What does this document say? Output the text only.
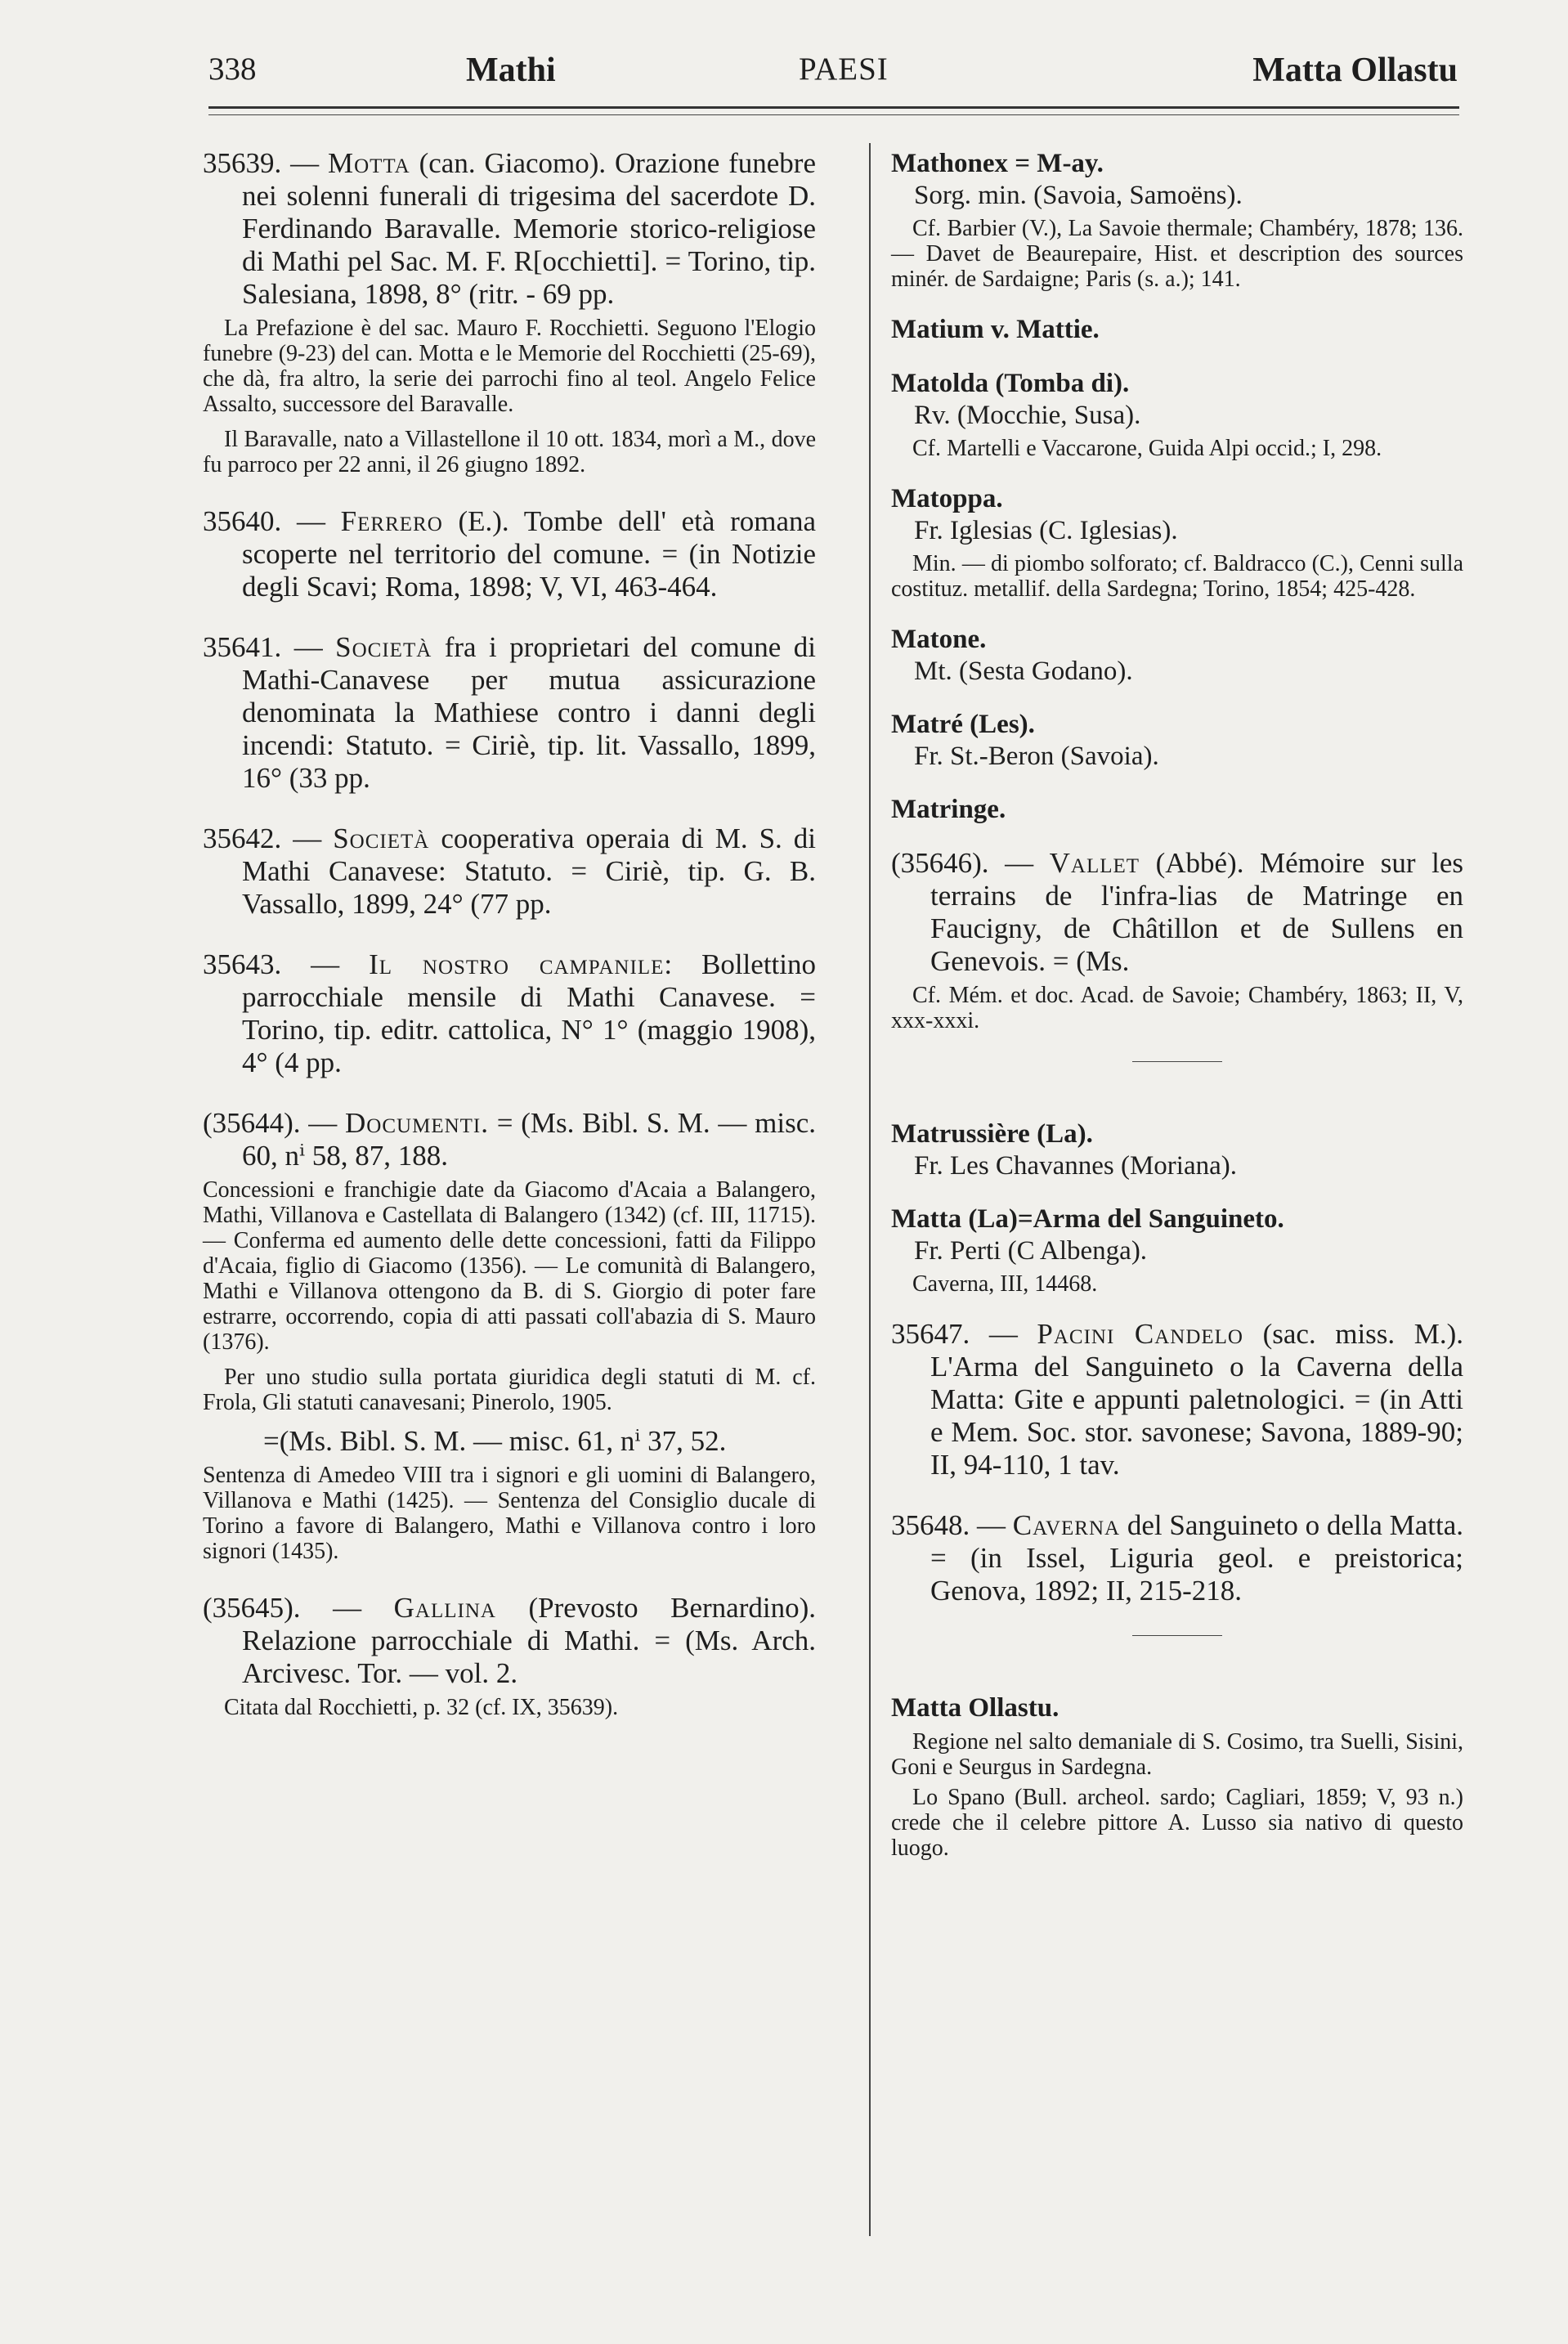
338	Mathi	PAESI	Matta Ollastu
35639. — Motta (can. Giacomo). Orazione funebre nei solenni funerali di trigesima del sacerdote D. Ferdinando Baravalle. Memorie storico-religiose di Mathi pel Sac. M. F. R[occhietti]. = Torino, tip. Salesiana, 1898, 8° (ritr. - 69 pp.
La Prefazione è del sac. Mauro F. Rocchietti. Seguono l'Elogio funebre (9-23) del can. Motta e le Memorie del Rocchietti (25-69), che dà, fra altro, la serie dei parrochi fino al teol. Angelo Felice Assalto, successore del Baravalle.
Il Baravalle, nato a Villastellone il 10 ott. 1834, morì a M., dove fu parroco per 22 anni, il 26 giugno 1892.
35640. — Ferrero (E.). Tombe dell' età romana scoperte nel territorio del comune. = (in Notizie degli Scavi; Roma, 1898; V, VI, 463-464.
35641. — Società fra i proprietari del comune di Mathi-Canavese per mutua assicurazione denominata la Mathiese contro i danni degli incendi: Statuto. = Ciriè, tip. lit. Vassallo, 1899, 16° (33 pp.
35642. — Società cooperativa operaia di M. S. di Mathi Canavese: Statuto. = Ciriè, tip. G. B. Vassallo, 1899, 24° (77 pp.
35643. — Il nostro campanile: Bollettino parrocchiale mensile di Mathi Canavese. = Torino, tip. editr. cattolica, N° 1° (maggio 1908), 4° (4 pp.
(35644). — Documenti. = (Ms. Bibl. S. M. — misc. 60, nⁱ 58, 87, 188.
Concessioni e franchigie date da Giacomo d'Acaia a Balangero, Mathi, Villanova e Castellata di Balangero (1342) (cf. III, 11715). — Conferma ed aumento delle dette concessioni, fatti da Filippo d'Acaia, figlio di Giacomo (1356). — Le comunità di Balangero, Mathi e Villanova ottengono da B. di S. Giorgio di poter fare estrarre, occorrendo, copia di atti passati coll'abazia di S. Mauro (1376).
Per uno studio sulla portata giuridica degli statuti di M. cf. Frola, Gli statuti canavesani; Pinerolo, 1905.
=(Ms. Bibl. S. M. — misc. 61, nⁱ 37, 52.
Sentenza di Amedeo VIII tra i signori e gli uomini di Balangero, Villanova e Mathi (1425). — Sentenza del Consiglio ducale di Torino a favore di Balangero, Mathi e Villanova contro i loro signori (1435).
(35645). — Gallina (Prevosto Bernardino). Relazione parrocchiale di Mathi. = (Ms. Arch. Arcivesc. Tor. — vol. 2.
Citata dal Rocchietti, p. 32 (cf. IX, 35639).
Mathonex = M-ay.
Sorg. min. (Savoia, Samoëns).
Cf. Barbier (V.), La Savoie thermale; Chambéry, 1878; 136. — Davet de Beaurepaire, Hist. et description des sources minér. de Sardaigne; Paris (s. a.); 141.
Matium v. Mattie.
Matolda (Tomba di).
Rv. (Mocchie, Susa).
Cf. Martelli e Vaccarone, Guida Alpi occid.; I, 298.
Matoppa.
Fr. Iglesias (C. Iglesias).
Min. — di piombo solforato; cf. Baldracco (C.), Cenni sulla costituz. metallif. della Sardegna; Torino, 1854; 425-428.
Matone.
Mt. (Sesta Godano).
Matré (Les).
Fr. St.-Beron (Savoia).
Matringe.
(35646). — Vallet (Abbé). Mémoire sur les terrains de l'infra-lias de Matringe en Faucigny, de Châtillon et de Sullens en Genevois. = (Ms.
Cf. Mém. et doc. Acad. de Savoie; Chambéry, 1863; II, V, xxx-xxxi.
Matrussière (La).
Fr. Les Chavannes (Moriana).
Matta (La)=Arma del Sanguineto.
Fr. Perti (C Albenga).
Caverna, III, 14468.
35647. — Pacini Candelo (sac. miss. M.). L'Arma del Sanguineto o la Caverna della Matta: Gite e appunti paletnologici. = (in Atti e Mem. Soc. stor. savonese; Savona, 1889-90; II, 94-110, 1 tav.
35648. — Caverna del Sanguineto o della Matta. = (in Issel, Liguria geol. e preistorica; Genova, 1892; II, 215-218.
Matta Ollastu.
Regione nel salto demaniale di S. Cosimo, tra Suelli, Sisini, Goni e Seurgus in Sardegna.
Lo Spano (Bull. archeol. sardo; Cagliari, 1859; V, 93 n.) crede che il celebre pittore A. Lusso sia nativo di questo luogo.
